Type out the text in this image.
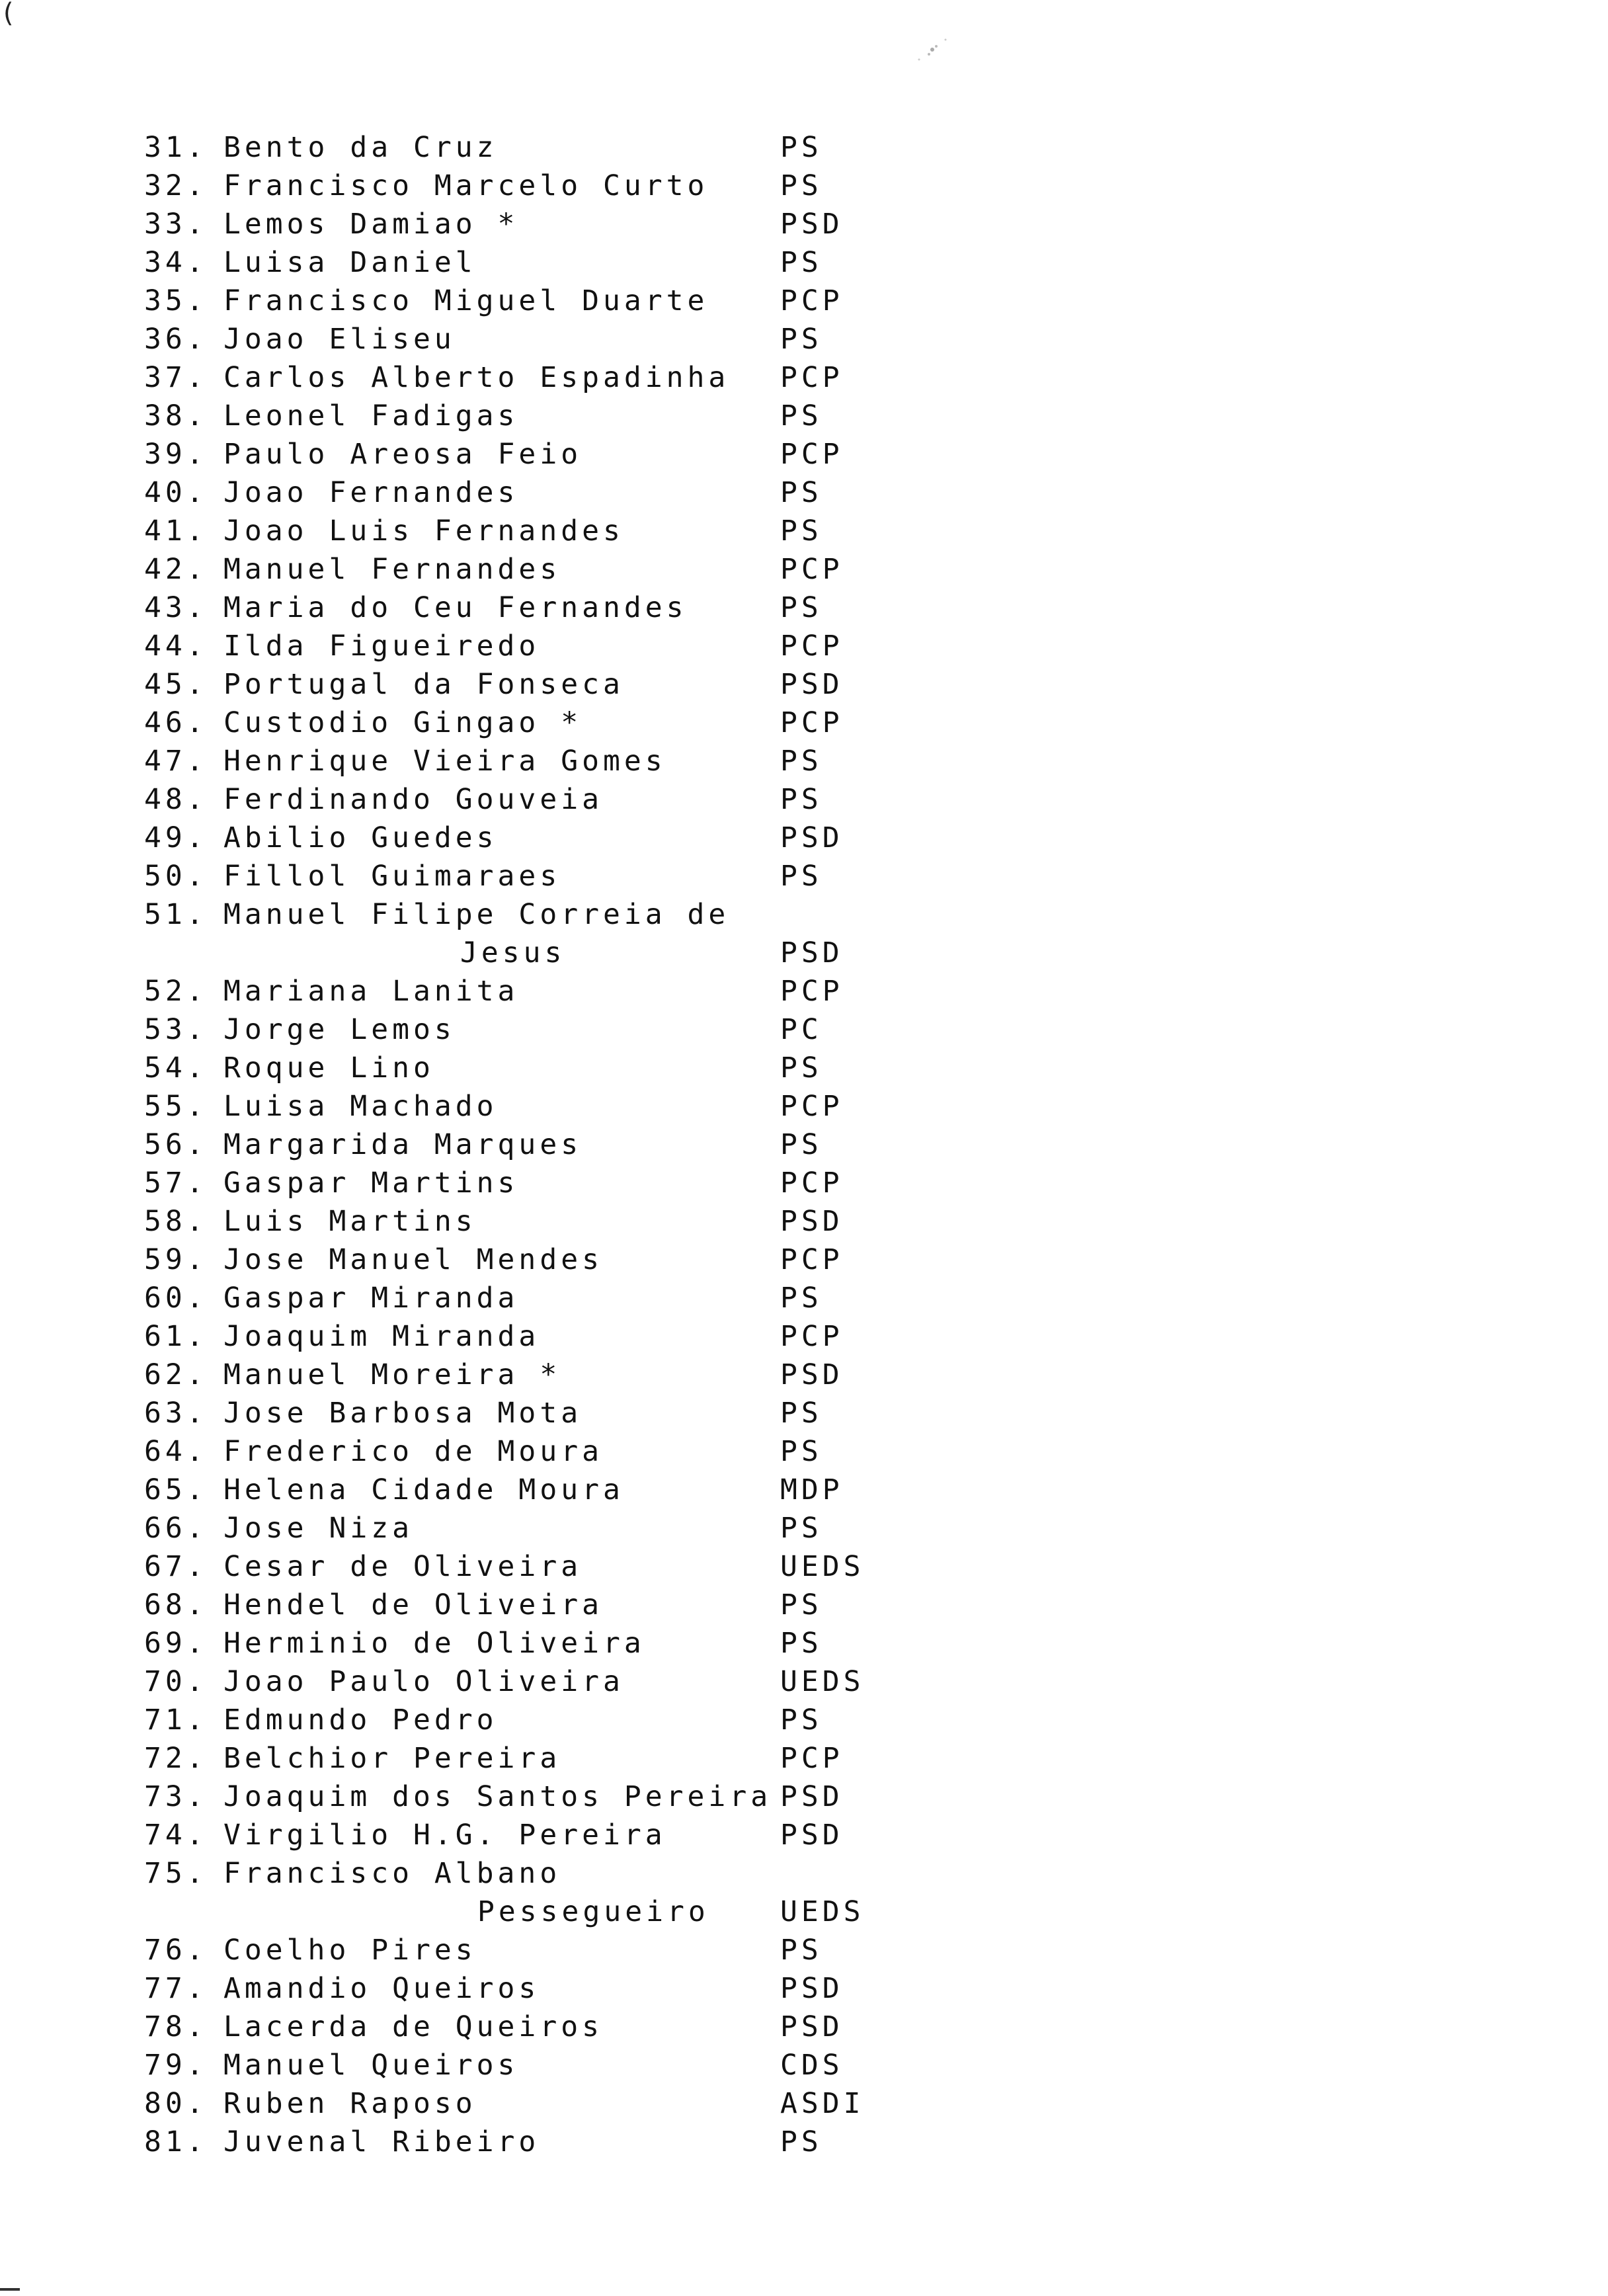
(
31. Bento da Cruz	PS
32. Francisco Marcelo Curto	PS
33. Lemos Damiao *	PSD
34. Luisa Daniel	PS
35. Francisco Miguel Duarte	PCP
36. Joao Eliseu	PS
37. Carlos Alberto Espadinha PCP
38. Leonel Fadigas	PS
39. Paulo Areosa Feio	PCP
40. Joao Fernandes	PS
41. Joao Luis Fernandes	PS
42. Manuel Fernandes	PCP
43. Maria do Ceu Fernandes	PS
44. Ilda Figueiredo	PCP
45. Portugal da Fonseca	PSD
46. Custodio Gingao *	PCP
47. Henrique Vieira Gomes	PS
48. Ferdinando Gouveia	PS
49. Abilio Guedes	PSD
50. Fillol Guimaraes	PS
51. Manuel Filipe Correia de
Jesus	PSD
52. Mariana Lanita	PCP
53. Jorge Lemos	PC
54. Roque Lino	PS
55. Luisa Machado	PCP
56. Margarida Marques	PS
57. Gaspar Martins	PCP
58. Luis Martins	PSD
59. Jose Manuel Mendes	PCP
60. Gaspar Miranda	PS
61. Joaquim Miranda	PCP
62. Manuel Moreira *	PSD
63. Jose Barbosa Mota	PS
64. Frederico de Moura	PS
65. Helena Cidade Moura	MDP
66. Jose Niza	PS
67. Cesar de Oliveira	UEDS
68. Hendel de Oliveira	PS
69. Herminio de Oliveira	PS
70. Joao Paulo Oliveira	UEDS
71. Edmundo Pedro	PS
72. Belchior Pereira	PCP
73. Joaquim dos Santos Pereira PSD
74. Virgilio H.G. Pereira	PSD
75. Francisco Albano
Pessegueiro UEDS
76. Coelho Pires	PS
77. Amandio Queiros	PSD
78. Lacerda de Queiros	PSD
79. Manuel Queiros	CDS
80. Ruben Raposo	ASDI
81. Juvenal Ribeiro	PS
